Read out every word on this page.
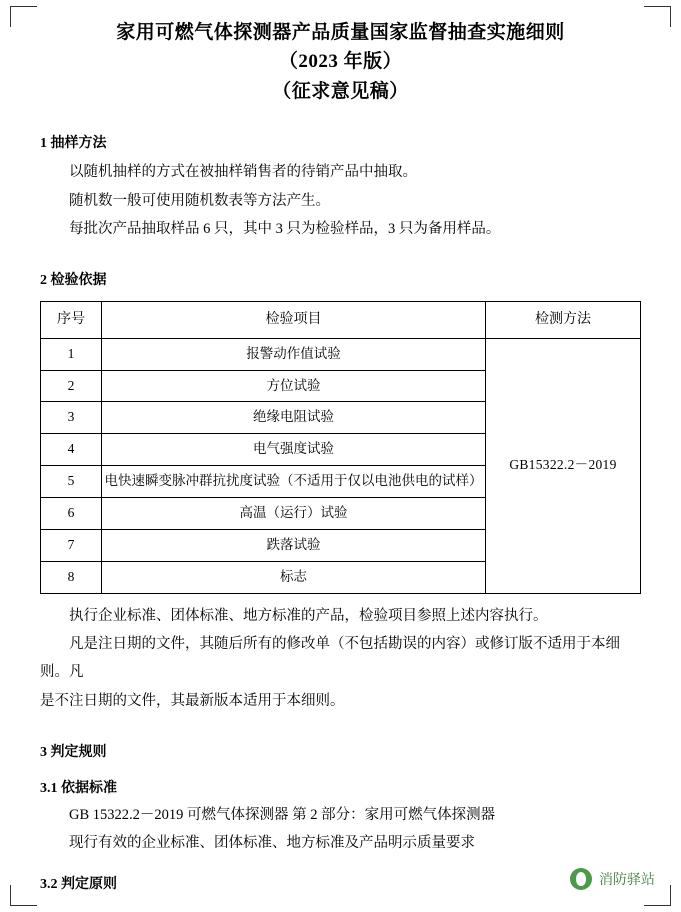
家用可燃气体探测器产品质量国家监督抽查实施细则
（2023 年版）
（征求意见稿）
1 抽样方法

以随机抽样的方式在被抽样销售者的待销产品中抽取。

随机数一般可使用随机数表等方法产生。

每批次产品抽取样品 6 只，其中 3 只为检验样品，3 只为备用样品。

2 检验依据
序号	检验项目	检测方法
1	报警动作值试验	GB15322.2－2019
2	方位试验	
3	绝缘电阻试验	
4	电气强度试验	
5	电快速瞬变脉冲群抗扰度试验（不适用于仅以电池供电的试样）	
6	高温（运行）试验	
7	跌落试验	
8	标志	

执行企业标准、团体标准、地方标准的产品，检验项目参照上述内容执行。

凡是注日期的文件，其随后所有的修改单（不包括勘误的内容）或修订版不适用于本细则。凡

是不注日期的文件，其最新版本适用于本细则。

3 判定规则
3.1 依据标准

GB 15322.2－2019 可燃气体探测器 第 2 部分：家用可燃气体探测器

现行有效的企业标准、团体标准、地方标准及产品明示质量要求

3.2 判定原则	消防驿站
